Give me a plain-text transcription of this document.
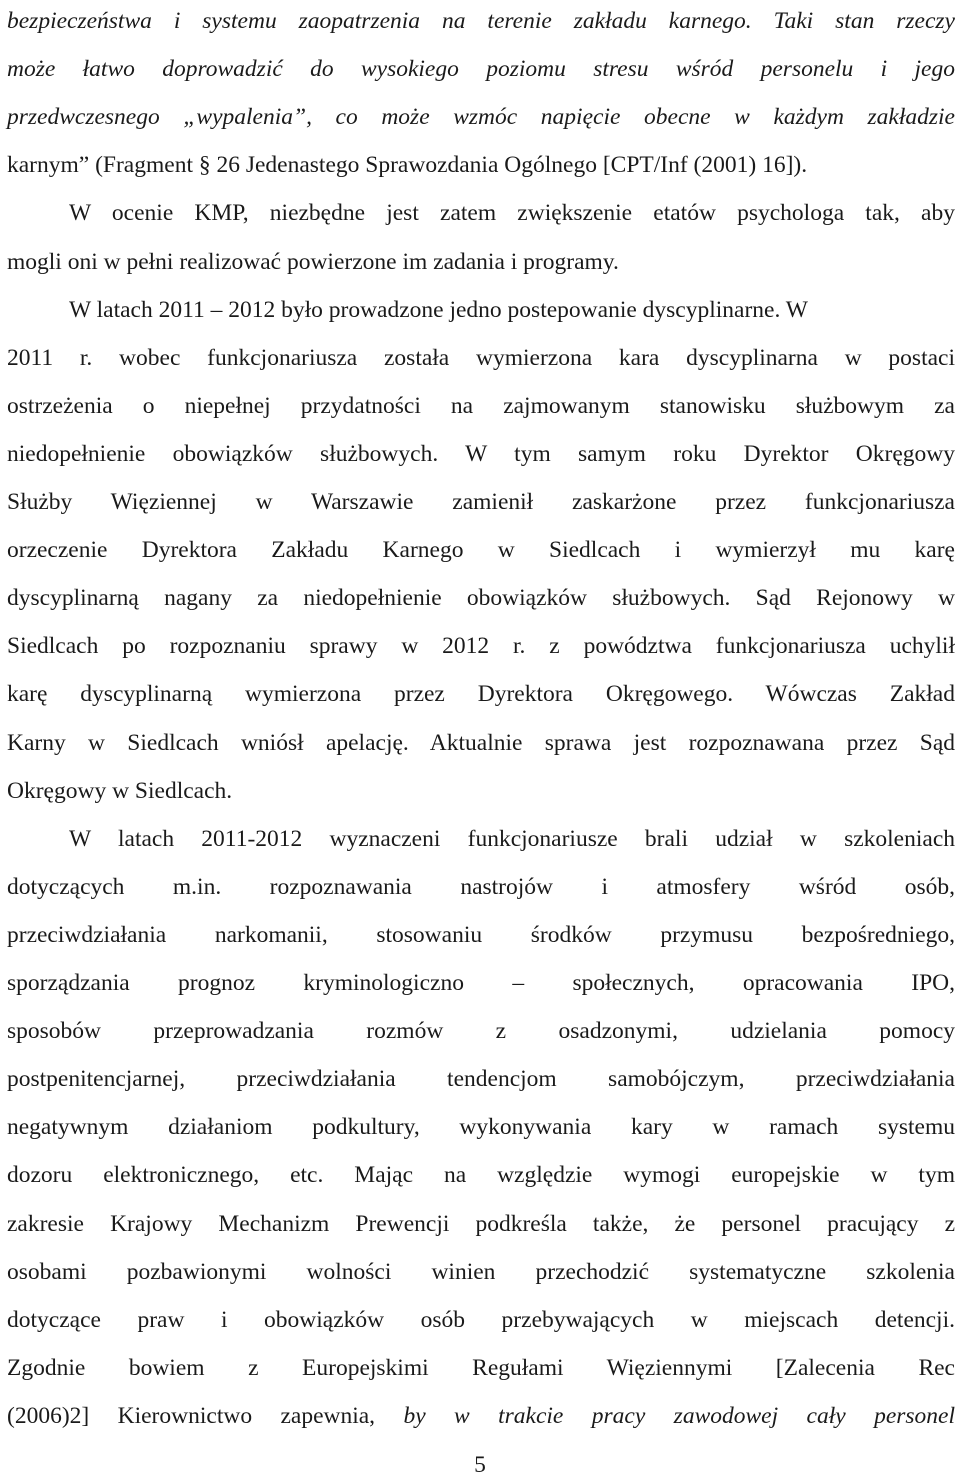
bezpieczeństwa i systemu zaopatrzenia na terenie zakładu karnego. Taki stan rzeczy
może łatwo doprowadzić do wysokiego poziomu stresu wśród personelu i jego
przedwczesnego „wypalenia”, co może wzmóc napięcie obecne w każdym zakładzie
karnym” (Fragment § 26 Jedenastego Sprawozdania Ogólnego [CPT/Inf (2001) 16]).
W ocenie KMP, niezbędne jest zatem zwiększenie etatów psychologa tak, aby
mogli oni w pełni realizować powierzone im zadania i programy.
W latach 2011 – 2012 było prowadzone jedno postepowanie dyscyplinarne. W
2011 r. wobec funkcjonariusza została wymierzona kara dyscyplinarna w postaci
ostrzeżenia o niepełnej przydatności na zajmowanym stanowisku służbowym za
niedopełnienie obowiązków służbowych. W tym samym roku Dyrektor Okręgowy
Służby Więziennej w Warszawie zamienił zaskarżone przez funkcjonariusza
orzeczenie Dyrektora Zakładu Karnego w Siedlcach i wymierzył mu karę
dyscyplinarną nagany za niedopełnienie obowiązków służbowych. Sąd Rejonowy w
Siedlcach po rozpoznaniu sprawy w 2012 r. z powództwa funkcjonariusza uchylił
karę dyscyplinarną wymierzona przez Dyrektora Okręgowego. Wówczas Zakład
Karny w Siedlcach wniósł apelację. Aktualnie sprawa jest rozpoznawana przez Sąd
Okręgowy w Siedlcach.
W latach 2011-2012 wyznaczeni funkcjonariusze brali udział w szkoleniach
dotyczących m.in. rozpoznawania nastrojów i atmosfery wśród osób,
przeciwdziałania narkomanii, stosowaniu środków przymusu bezpośredniego,
sporządzania prognoz kryminologiczno – społecznych, opracowania IPO,
sposobów przeprowadzania rozmów z osadzonymi, udzielania pomocy
postpenitencjarnej, przeciwdziałania tendencjom samobójczym, przeciwdziałania
negatywnym działaniom podkultury, wykonywania kary w ramach systemu
dozoru elektronicznego, etc. Mając na względzie wymogi europejskie w tym
zakresie Krajowy Mechanizm Prewencji podkreśla także, że personel pracujący z
osobami pozbawionymi wolności winien przechodzić systematyczne szkolenia
dotyczące praw i obowiązków osób przebywających w miejscach detencji.
Zgodnie bowiem z Europejskimi Regułami Więziennymi [Zalecenia Rec
(2006)2] Kierownictwo zapewnia, by w trakcie pracy zawodowej cały personel
5
